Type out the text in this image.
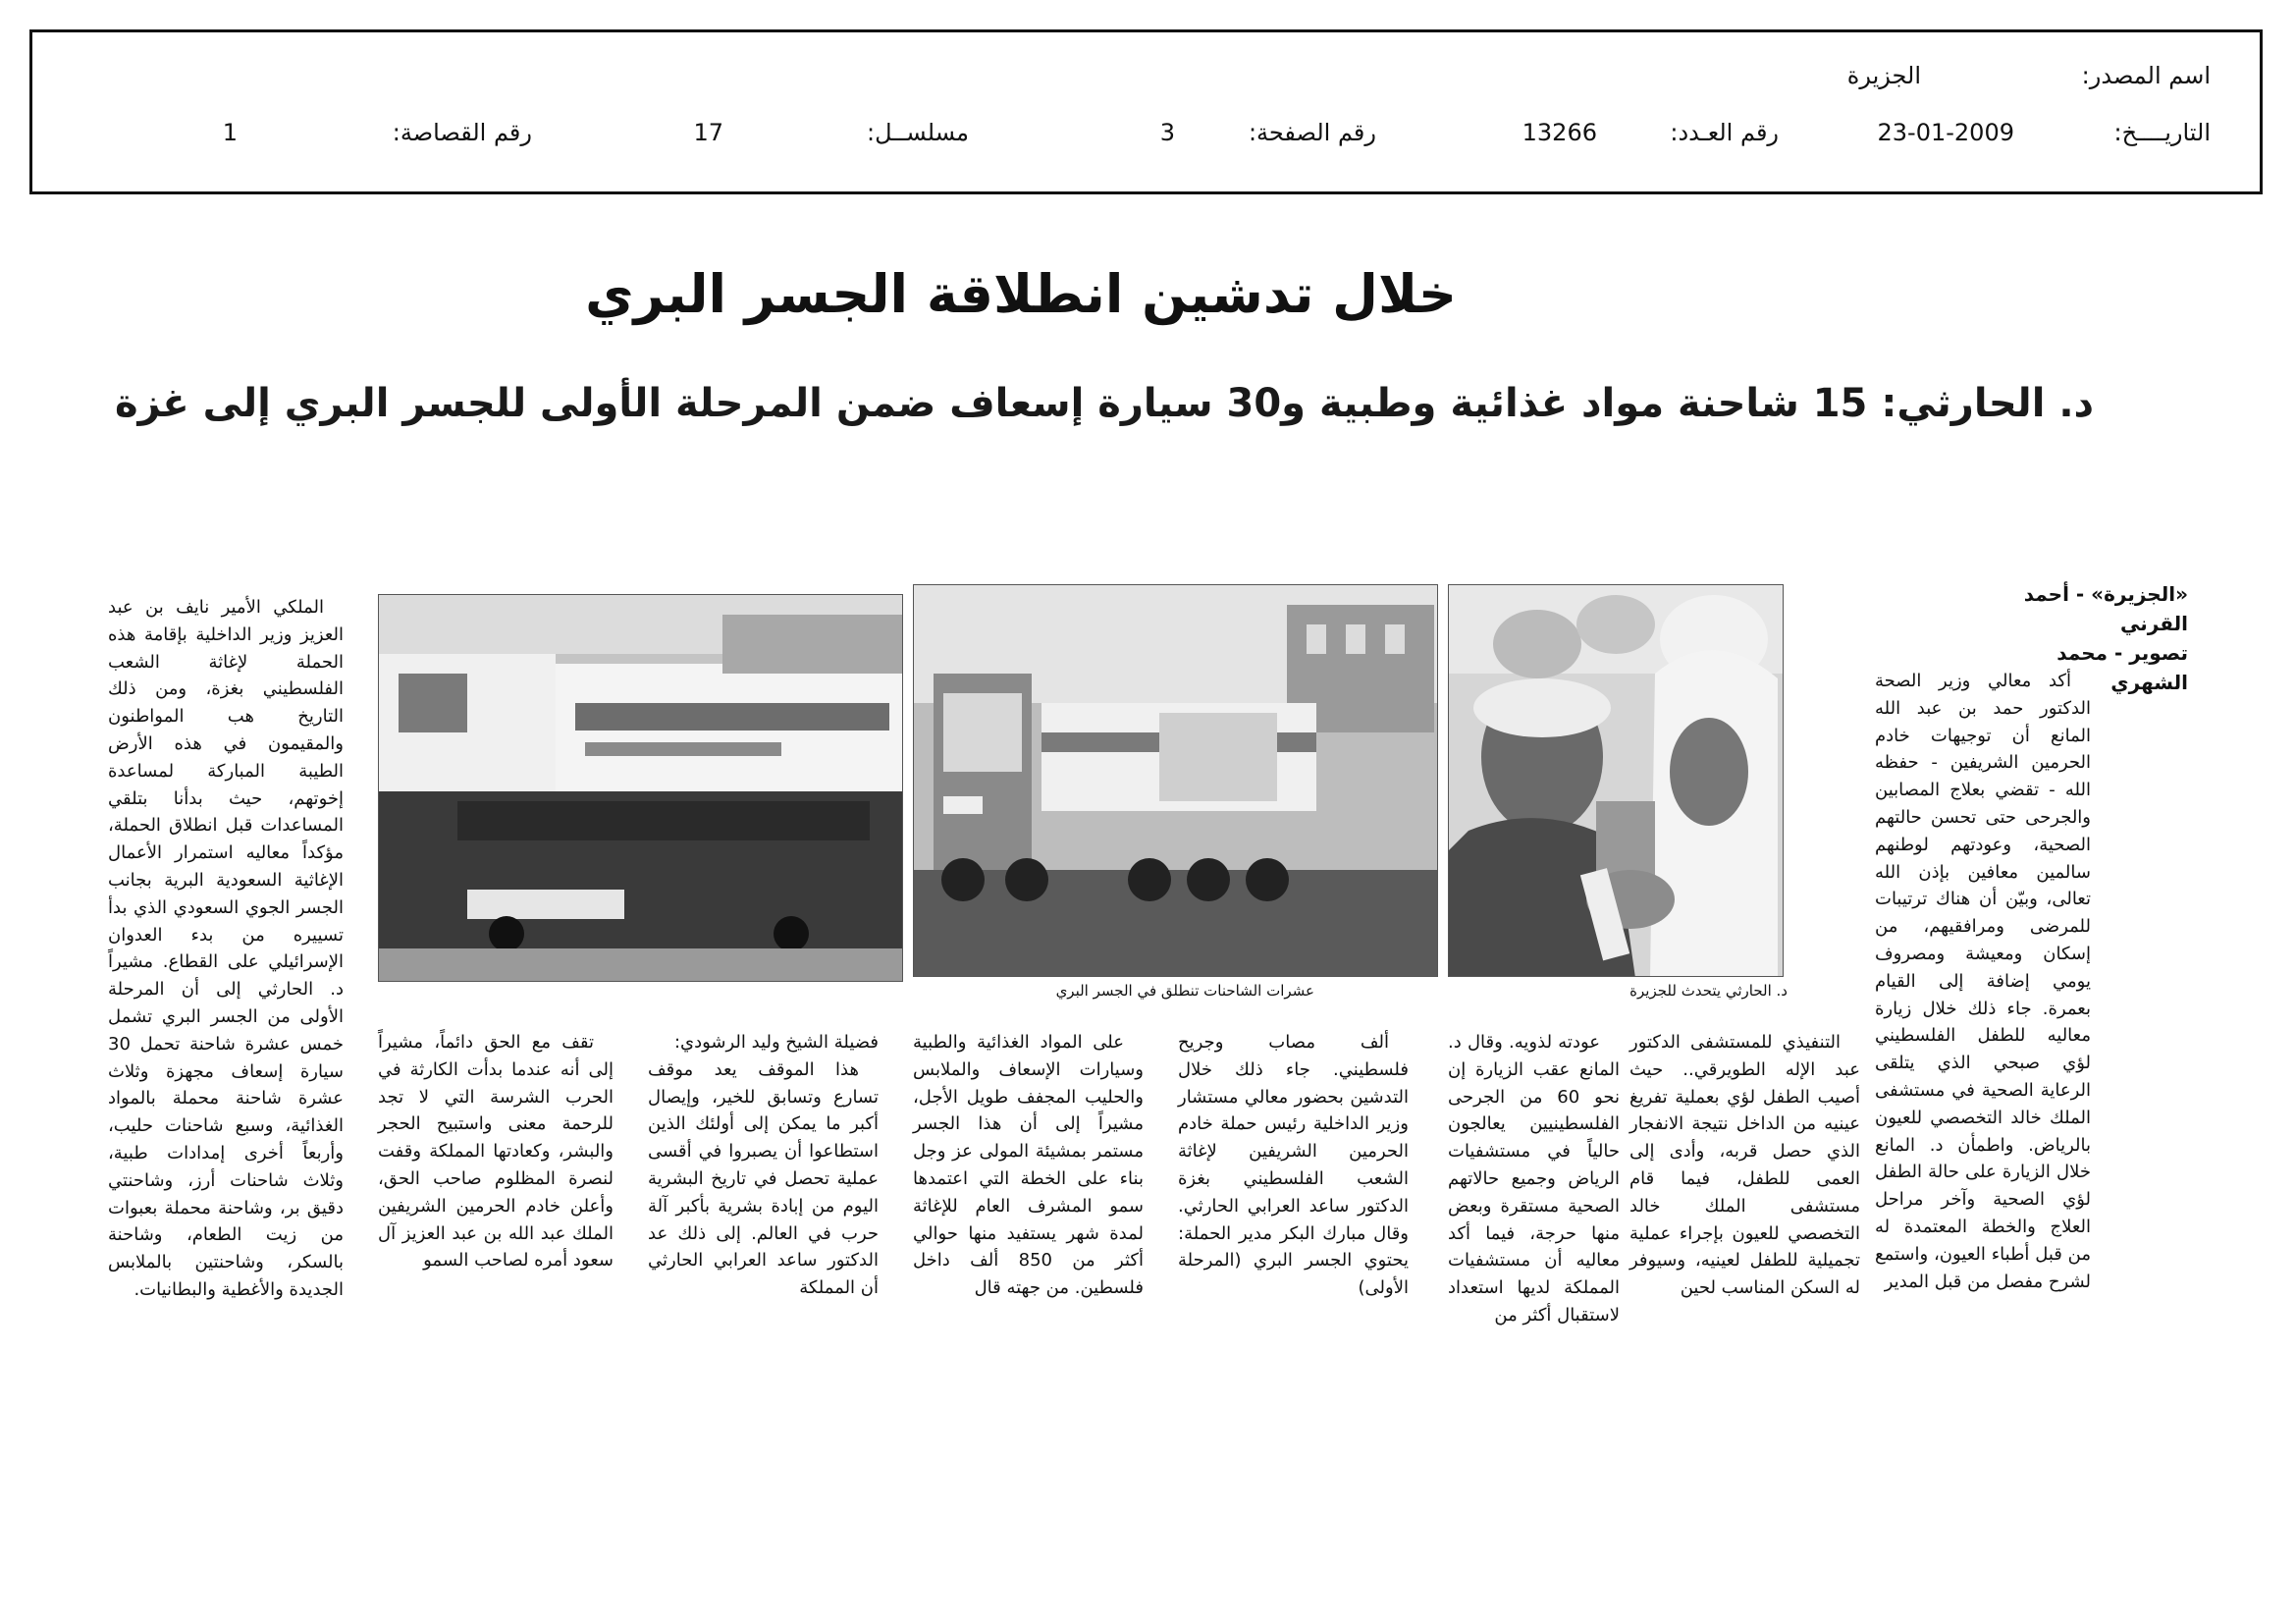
اسم المصدر:
الجزيرة
التاريــــخ:
23-01-2009
رقم العـدد:
13266
رقم الصفحة:
3
مسلســل:
17
رقم القصاصة:
1
خلال تدشين انطلاقة الجسر البري
د. الحارثي: 15 شاحنة مواد غذائية وطبية و30 سيارة إسعاف ضمن المرحلة الأولى للجسر البري إلى غزة
«الجزيرة» - أحمد القرني
تصوير - محمد الشهري
د. الحارثي يتحدث للجزيرة
عشرات الشاحنات تنطلق في الجسر البري

أكد معالي وزير الصحة الدكتور حمد بن عبد الله المانع أن توجيهات خادم الحرمين الشريفين - حفظه الله - تقضي بعلاج المصابين والجرحى حتى تحسن حالتهم الصحية، وعودتهم لوطنهم سالمين معافين بإذن الله تعالى، وبيّن أن هناك ترتيبات للمرضى ومرافقيهم، من إسكان ومعيشة ومصروف يومي إضافة إلى القيام بعمرة. جاء ذلك خلال زيارة معاليه للطفل الفلسطيني لؤي صبحي الذي يتلقى الرعاية الصحية في مستشفى الملك خالد التخصصي للعيون بالرياض. واطمأن د. المانع خلال الزيارة على حالة الطفل لؤي الصحية وآخر مراحل العلاج والخطة المعتمدة له من قبل أطباء العيون، واستمع لشرح مفصل من قبل المدير

التنفيذي للمستشفى الدكتور عبد الإله الطويرقي.. حيث أصيب الطفل لؤي بعملية تفريغ عينيه من الداخل نتيجة الانفجار الذي حصل قربه، وأدى إلى العمى للطفل، فيما قام مستشفى الملك خالد التخصصي للعيون بإجراء عملية تجميلية للطفل لعينيه، وسيوفر له السكن المناسب لحين

عودته لذويه. وقال د. المانع عقب الزيارة إن نحو 60 من الجرحى الفلسطينيين يعالجون حالياً في مستشفيات الرياض وجميع حالاتهم الصحية مستقرة وبعض منها حرجة، فيما أكد معاليه أن مستشفيات المملكة لديها استعداد لاستقبال أكثر من

ألف مصاب وجريح فلسطيني. جاء ذلك خلال التدشين بحضور معالي مستشار وزير الداخلية رئيس حملة خادم الحرمين الشريفين لإغاثة الشعب الفلسطيني بغزة الدكتور ساعد العرابي الحارثي. وقال مبارك البكر مدير الحملة: يحتوي الجسر البري (المرحلة الأولى)

على المواد الغذائية والطبية وسيارات الإسعاف والملابس والحليب المجفف طويل الأجل، مشيراً إلى أن هذا الجسر مستمر بمشيئة المولى عز وجل بناء على الخطة التي اعتمدها سمو المشرف العام للإغاثة لمدة شهر يستفيد منها حوالي أكثر من 850 ألف داخل فلسطين. من جهته قال

فضيلة الشيخ وليد الرشودي:

هذا الموقف يعد موقف تسارع وتسابق للخير، وإيصال أكبر ما يمكن إلى أولئك الذين استطاعوا أن يصبروا في أقسى عملية تحصل في تاريخ البشرية اليوم من إبادة بشرية بأكبر آلة حرب في العالم. إلى ذلك عد الدكتور ساعد العرابي الحارثي أن المملكة

تقف مع الحق دائماً، مشيراً إلى أنه عندما بدأت الكارثة في الحرب الشرسة التي لا تجد للرحمة معنى واستبيح الحجر والبشر، وكعادتها المملكة وقفت لنصرة المظلوم صاحب الحق، وأعلن خادم الحرمين الشريفين الملك عبد الله بن عبد العزيز آل سعود أمره لصاحب السمو

الملكي الأمير نايف بن عبد العزيز وزير الداخلية بإقامة هذه الحملة لإغاثة الشعب الفلسطيني بغزة، ومن ذلك التاريخ هب المواطنون والمقيمون في هذه الأرض الطيبة المباركة لمساعدة إخوتهم، حيث بدأنا بتلقي المساعدات قبل انطلاق الحملة، مؤكداً معاليه استمرار الأعمال الإغاثية السعودية البرية بجانب الجسر الجوي السعودي الذي بدأ تسييره من بدء العدوان الإسرائيلي على القطاع. مشيراً د. الحارثي إلى أن المرحلة الأولى من الجسر البري تشمل خمس عشرة شاحنة تحمل 30 سيارة إسعاف مجهزة وثلاث عشرة شاحنة محملة بالمواد الغذائية، وسبع شاحنات حليب، وأربعاً أخرى إمدادات طبية، وثلاث شاحنات أرز، وشاحنتي دقيق بر، وشاحنة محملة بعبوات من زيت الطعام، وشاحنة بالسكر، وشاحنتين بالملابس الجديدة والأغطية والبطانيات.
